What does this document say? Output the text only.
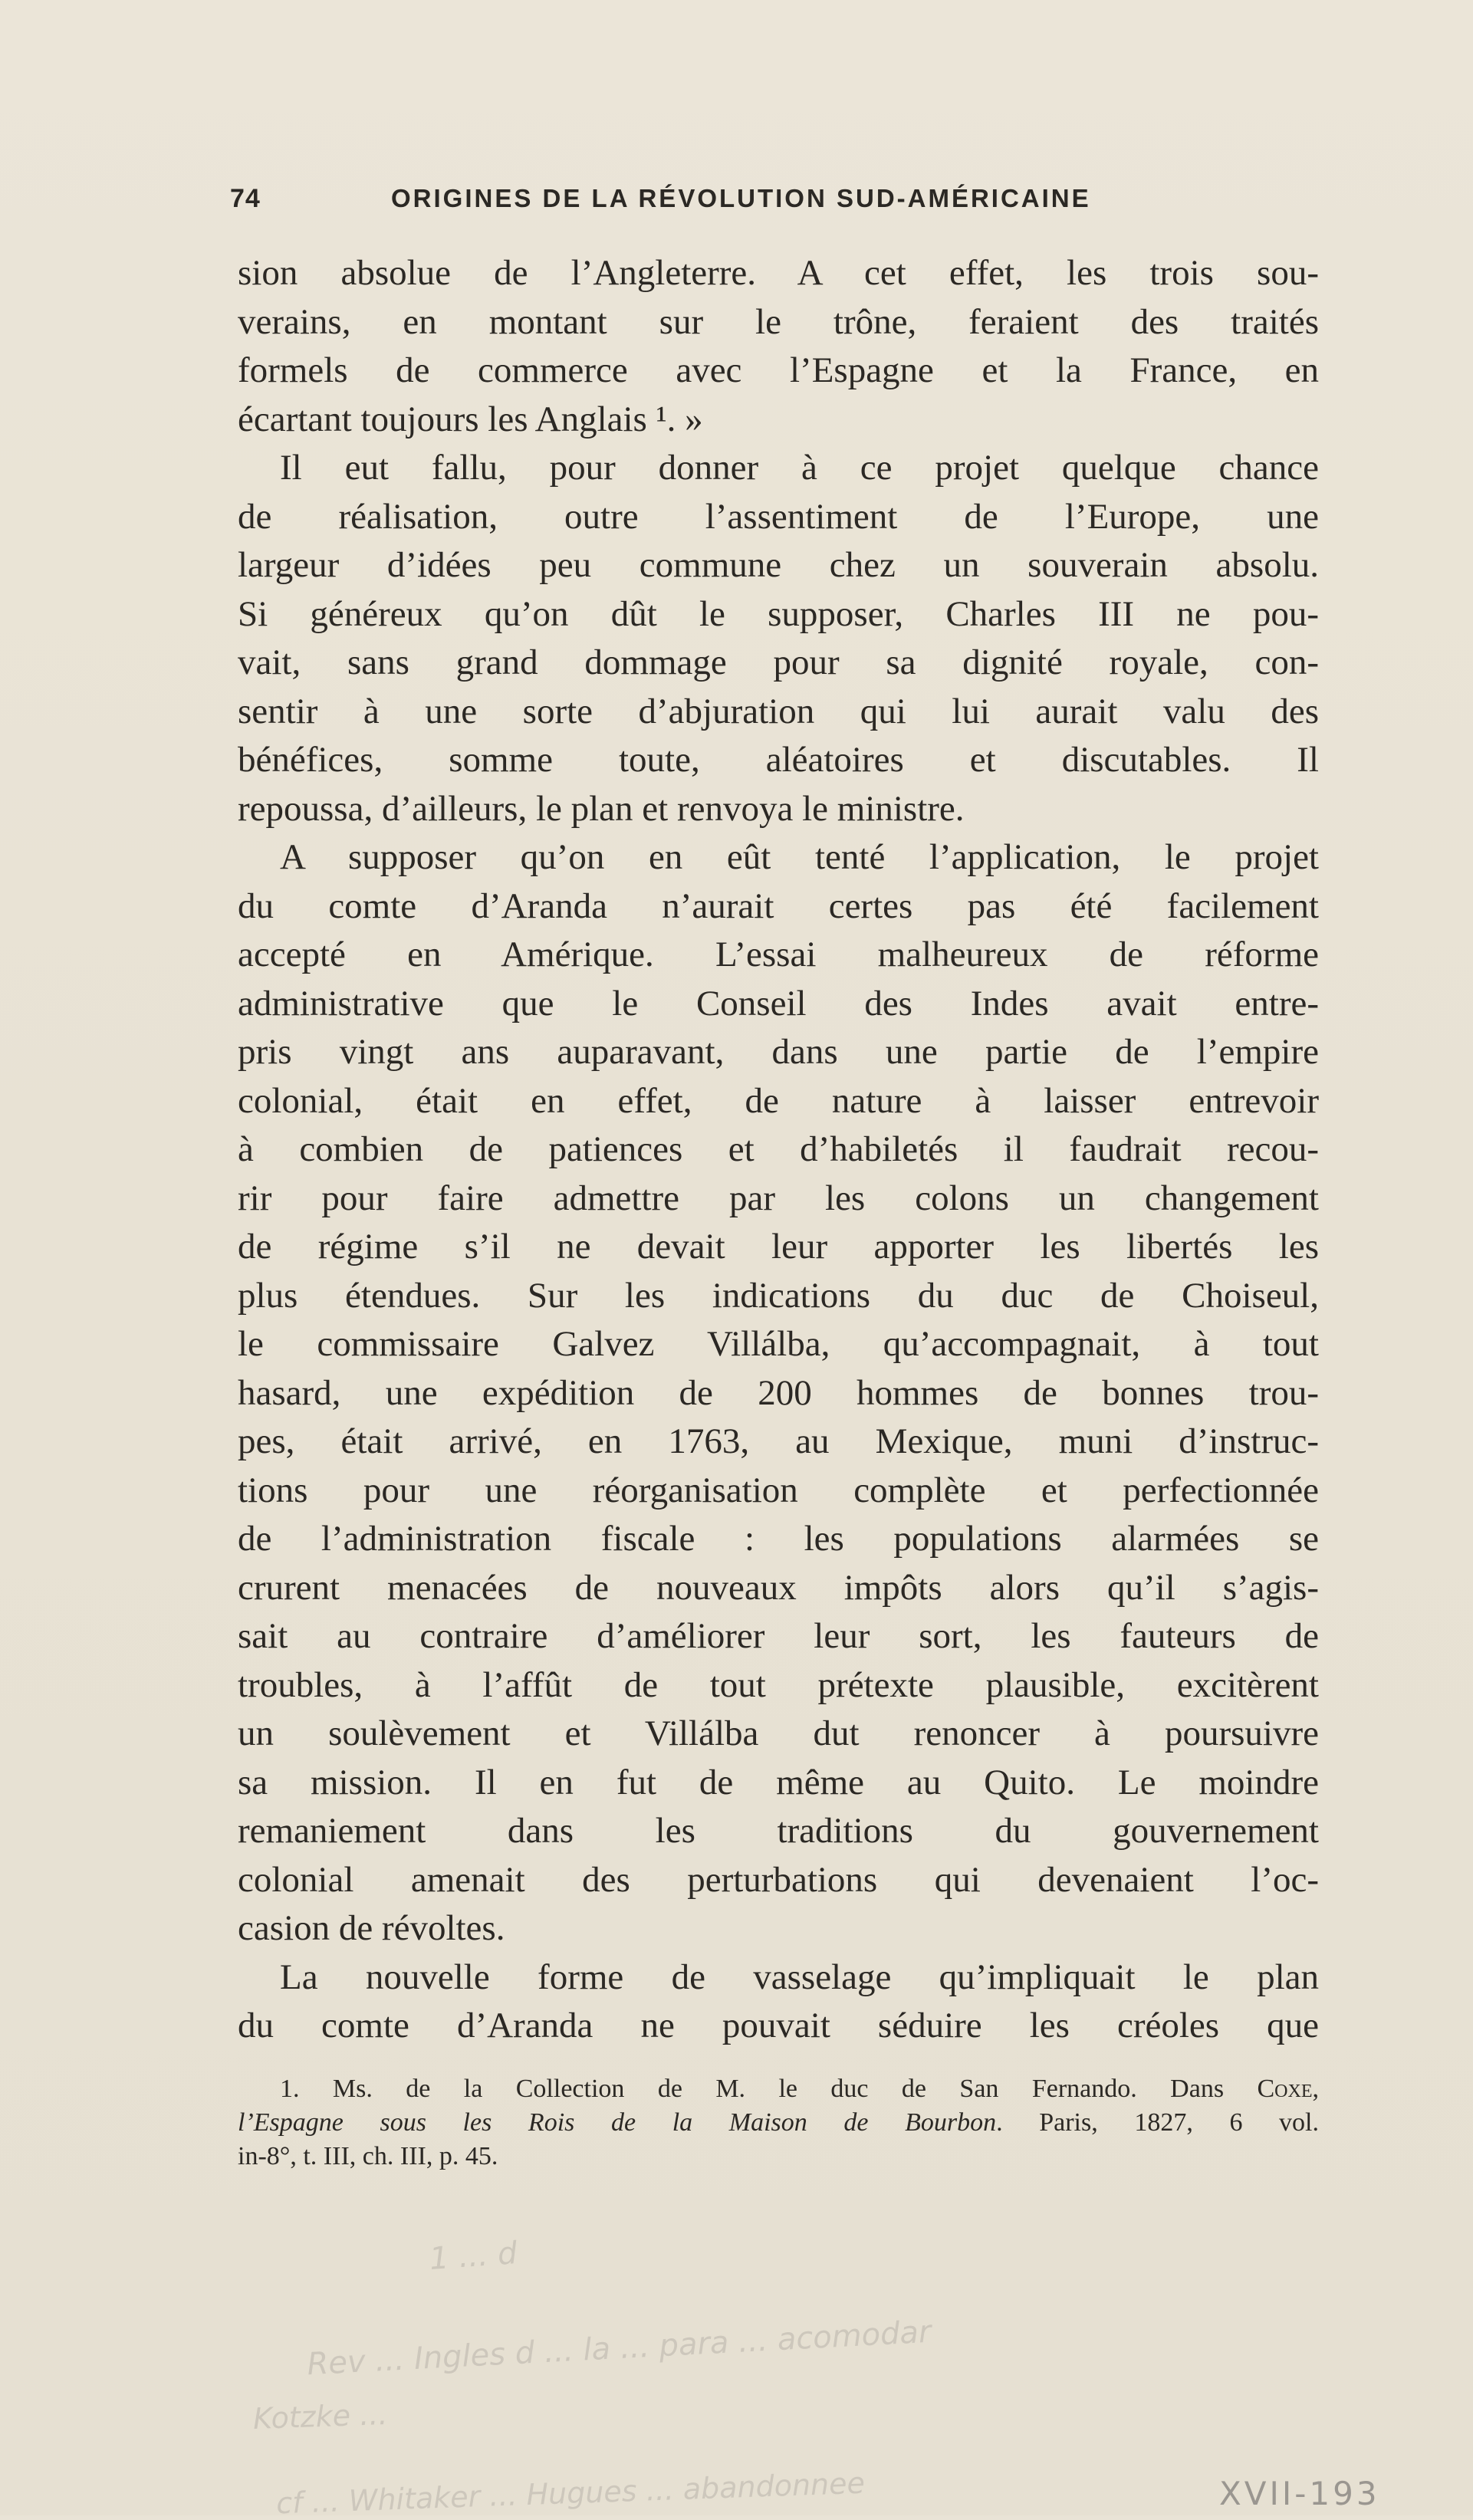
74	ORIGINES DE LA RÉVOLUTION SUD-AMÉRICAINE
sion absolue de l’Angleterre. A cet effet, les trois sou-
verains, en montant sur le trône, feraient des traités
formels de commerce avec l’Espagne et la France, en
écartant toujours les Anglais ¹. »
Il eut fallu, pour donner à ce projet quelque chance
de réalisation, outre l’assentiment de l’Europe, une
largeur d’idées peu commune chez un souverain absolu.
Si généreux qu’on dût le supposer, Charles III ne pou-
vait, sans grand dommage pour sa dignité royale, con-
sentir à une sorte d’abjuration qui lui aurait valu des
bénéfices, somme toute, aléatoires et discutables. Il
repoussa, d’ailleurs, le plan et renvoya le ministre.
A supposer qu’on en eût tenté l’application, le projet
du comte d’Aranda n’aurait certes pas été facilement
accepté en Amérique. L’essai malheureux de réforme
administrative que le Conseil des Indes avait entre-
pris vingt ans auparavant, dans une partie de l’empire
colonial, était en effet, de nature à laisser entrevoir
à combien de patiences et d’habiletés il faudrait recou-
rir pour faire admettre par les colons un changement
de régime s’il ne devait leur apporter les libertés les
plus étendues. Sur les indications du duc de Choiseul,
le commissaire Galvez Villálba, qu’accompagnait, à tout
hasard, une expédition de 200 hommes de bonnes trou-
pes, était arrivé, en 1763, au Mexique, muni d’instruc-
tions pour une réorganisation complète et perfectionnée
de l’administration fiscale : les populations alarmées se
crurent menacées de nouveaux impôts alors qu’il s’agis-
sait au contraire d’améliorer leur sort, les fauteurs de
troubles, à l’affût de tout prétexte plausible, excitèrent
un soulèvement et Villálba dut renoncer à poursuivre
sa mission. Il en fut de même au Quito. Le moindre
remaniement dans les traditions du gouvernement
colonial amenait des perturbations qui devenaient l’oc-
casion de révoltes.
La nouvelle forme de vasselage qu’impliquait le plan
du comte d’Aranda ne pouvait séduire les créoles que
1. Ms. de la Collection de M. le duc de San Fernando. Dans Coxe,
l’Espagne sous les Rois de la Maison de Bourbon. Paris, 1827, 6 vol.
in-8°, t. III, ch. III, p. 45.
1 ... d
Rev ... Ingles d ... la ... para ... acomodar
Kotzke ...
cf ... Whitaker ... Hugues ... abandonnee	XVII-193
